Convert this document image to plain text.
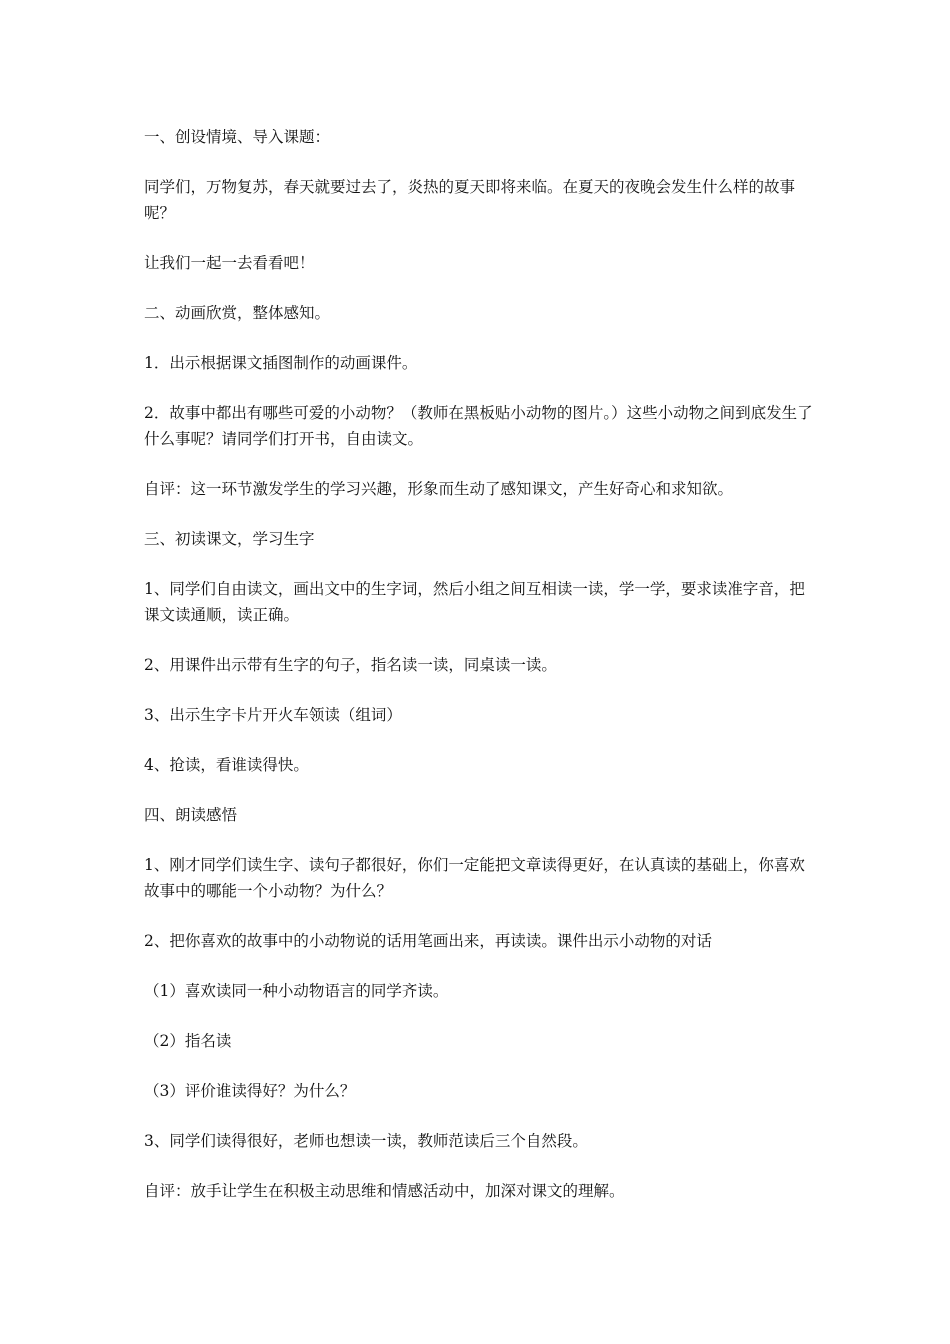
一、创设情境、导入课题：

同学们，万物复苏，春天就要过去了，炎热的夏天即将来临。在夏天的夜晚会发生什么样的故事呢？

让我们一起一去看看吧！

二、动画欣赏，整体感知。

1．出示根据课文插图制作的动画课件。

2．故事中都出有哪些可爱的小动物？（教师在黑板贴小动物的图片。）这些小动物之间到底发生了什么事呢？请同学们打开书，自由读文。

自评：这一环节激发学生的学习兴趣，形象而生动了感知课文，产生好奇心和求知欲。

三、初读课文，学习生字

1、同学们自由读文，画出文中的生字词，然后小组之间互相读一读，学一学，要求读准字音，把课文读通顺，读正确。

2、用课件出示带有生字的句子，指名读一读，同桌读一读。

3、出示生字卡片开火车领读（组词）

4、抢读，看谁读得快。

四、朗读感悟

1、刚才同学们读生字、读句子都很好，你们一定能把文章读得更好，在认真读的基础上，你喜欢故事中的哪能一个小动物？为什么？

2、把你喜欢的故事中的小动物说的话用笔画出来，再读读。课件出示小动物的对话

（1）喜欢读同一种小动物语言的同学齐读。

（2）指名读

（3）评价谁读得好？为什么？

3、同学们读得很好，老师也想读一读，教师范读后三个自然段。

自评：放手让学生在积极主动思维和情感活动中，加深对课文的理解。
